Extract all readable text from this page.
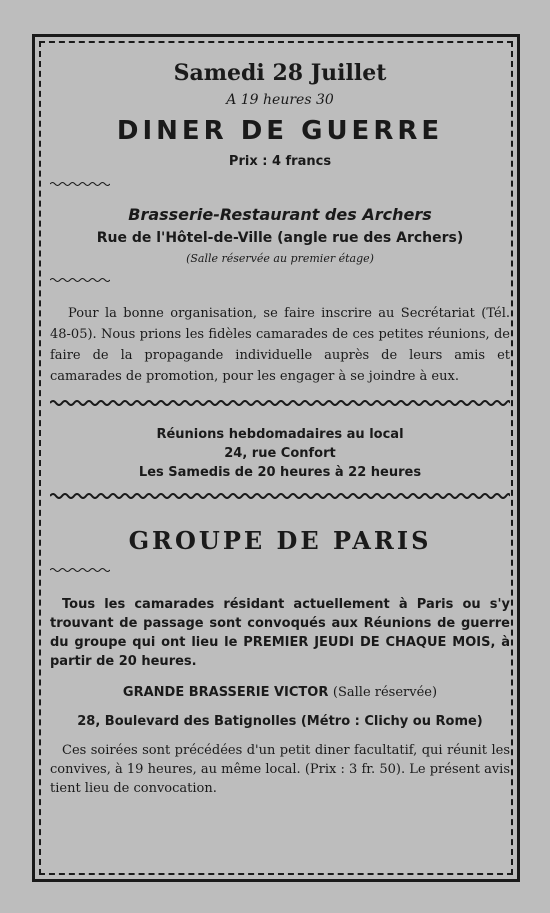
Samedi 28 Juillet

A 19 heures 30

DINER DE GUERRE

Prix : 4 francs

Brasserie-Restaurant des Archers

Rue de l'Hôtel-de-Ville (angle rue des Archers)

(Salle réservée au premier étage)

Pour la bonne organisation, se faire inscrire au Secrétariat (Tél. 48-05). Nous prions les fidèles camarades de ces petites réunions, de faire de la propagande individuelle auprès de leurs amis et camarades de promotion, pour les engager à se joindre à eux.

Réunions hebdomadaires au local

24, rue Confort

Les Samedis de 20 heures à 22 heures

GROUPE DE PARIS

Tous les camarades résidant actuellement à Paris ou s'y trouvant de passage sont convoqués aux Réunions de guerre du groupe qui ont lieu le PREMIER JEUDI DE CHAQUE MOIS, à partir de 20 heures.

GRANDE BRASSERIE VICTOR (Salle réservée)

28, Boulevard des Batignolles (Métro : Clichy ou Rome)

Ces soirées sont précédées d'un petit diner facultatif, qui réunit les convives, à 19 heures, au même local. (Prix : 3 fr. 50). Le présent avis tient lieu de convocation.
